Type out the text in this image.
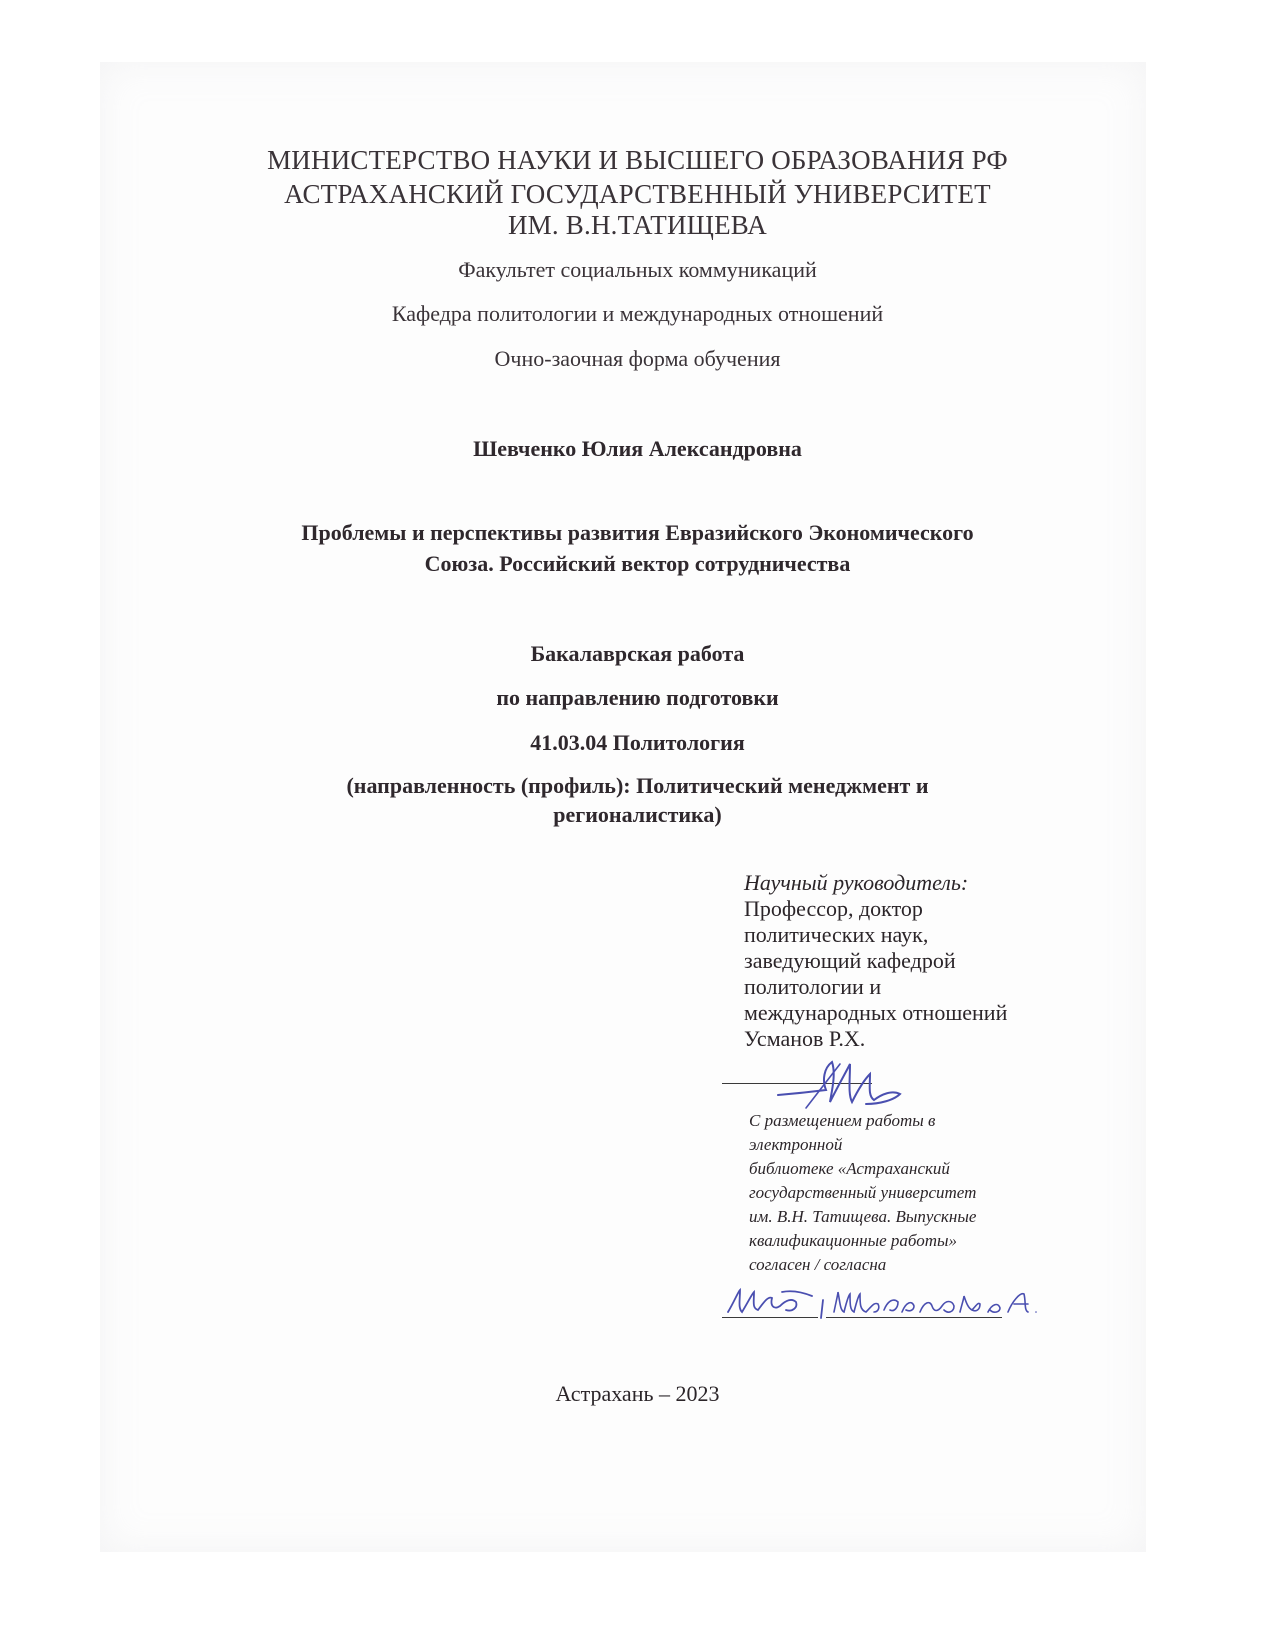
МИНИСТЕРСТВО НАУКИ И ВЫСШЕГО ОБРАЗОВАНИЯ РФ
АСТРАХАНСКИЙ ГОСУДАРСТВЕННЫЙ УНИВЕРСИТЕТ
ИМ. В.Н.ТАТИЩЕВА
Факультет социальных коммуникаций
Кафедра политологии и международных отношений
Очно-заочная форма обучения
Шевченко Юлия Александровна
Проблемы и перспективы развития Евразийского Экономического
Союза. Российский вектор сотрудничества
Бакалаврская работа
по направлению подготовки
41.03.04 Политология
(направленность (профиль): Политический менеджмент и
регионалистика)
Научный руководитель:
Профессор, доктор
политических наук,
заведующий кафедрой
политологии и
международных отношений
Усманов Р.Х.
С размещением работы в
электронной
библиотеке «Астраханский
государственный университет
им. В.Н. Татищева. Выпускные
квалификационные работы»
согласен / согласна
Астрахань – 2023
